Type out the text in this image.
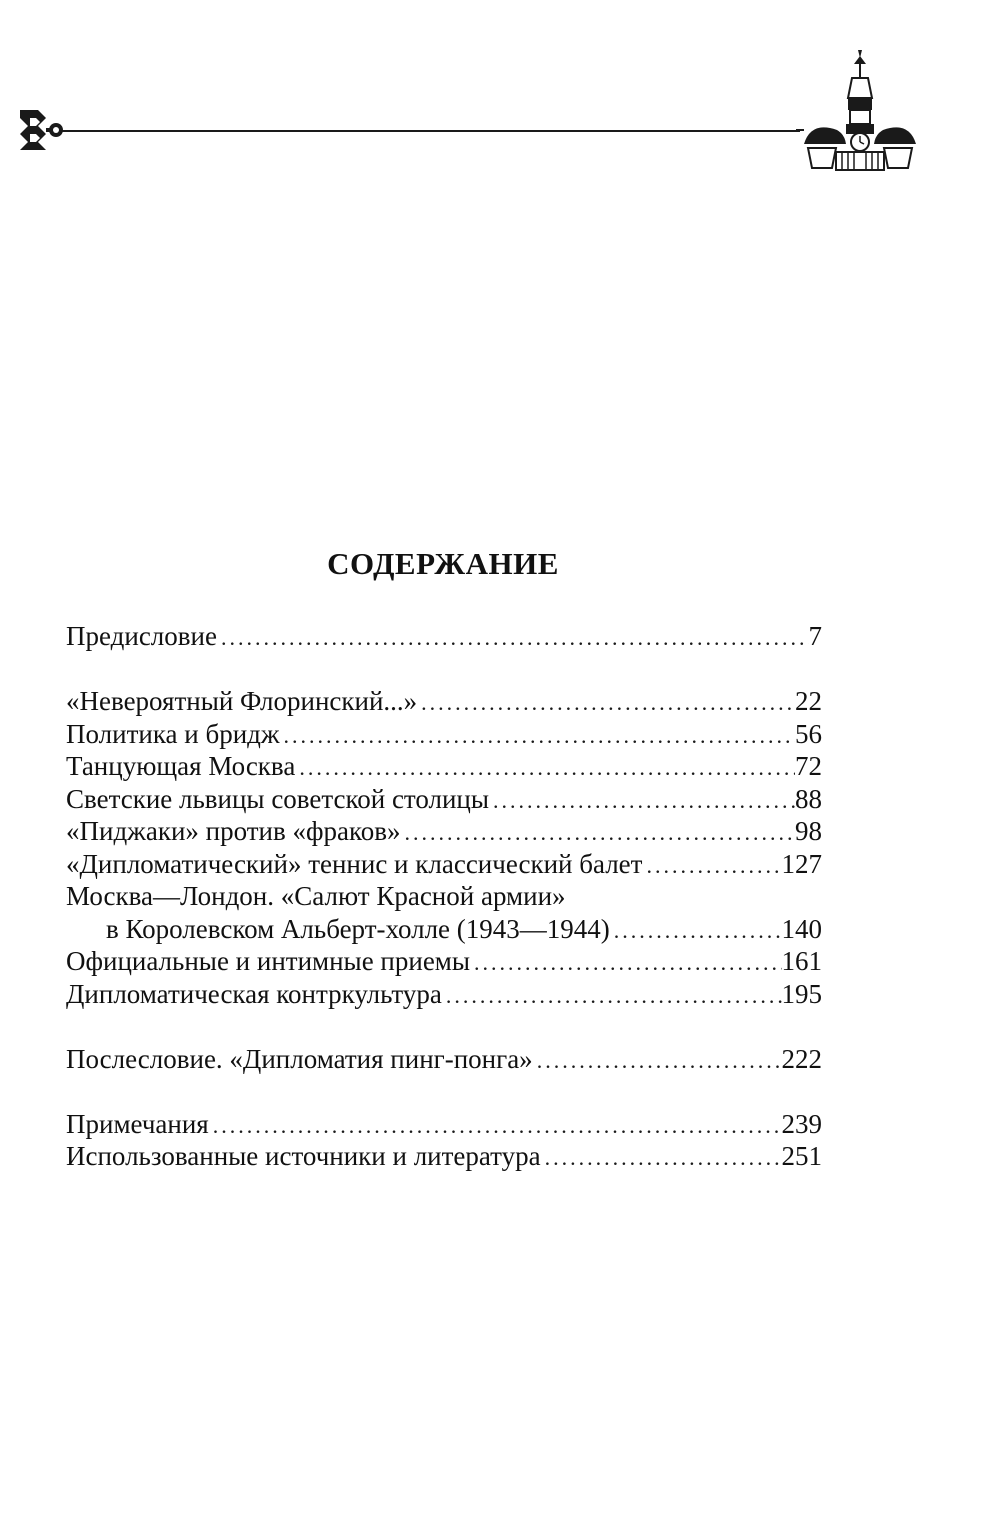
СОДЕРЖАНИЕ
Предисловие .....	7
«Невероятный Флоринский...» .....	22
Политика и бридж .....	56
Танцующая Москва .....	72
Светские львицы советской столицы .....	88
«Пиджаки» против «фраков» .....	98
«Дипломатический» теннис и классический балет .....	127
Москва—Лондон. «Салют Красной армии»
в Королевском Альберт-холле (1943—1944) .....	140
Официальные и интимные приемы .....	161
Дипломатическая контркультура .....	195
Послесловие. «Дипломатия пинг-понга» .....	222
Примечания .....	239
Использованные источники и литература .....	251
